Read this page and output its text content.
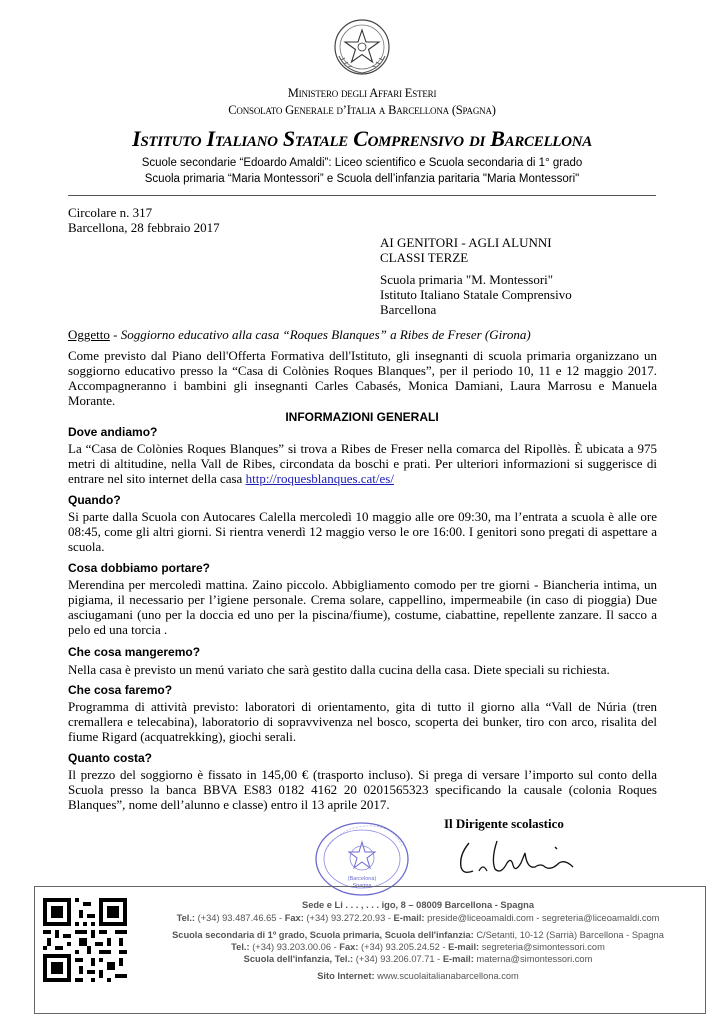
Ministero degli Affari Esteri
Consolato Generale d’Italia a Barcellona (Spagna)
Istituto Italiano Statale Comprensivo di Barcellona
Scuole secondarie “Edoardo Amaldi”: Liceo scientifico e Scuola secondaria di 1° grado
Scuola primaria “Maria Montessori” e Scuola dell’infanzia paritaria "Maria Montessori"
Circolare n. 317
Barcellona, 28 febbraio 2017
AI GENITORI - AGLI ALUNNI
CLASSI TERZE
Scuola primaria "M. Montessori"
Istituto Italiano Statale Comprensivo
Barcellona
Oggetto - Soggiorno educativo alla casa “Roques Blanques” a Ribes de Freser (Girona)
Come previsto dal Piano dell'Offerta Formativa dell'Istituto, gli insegnanti di scuola primaria organizzano un soggiorno educativo presso la “Casa di Colònies Roques Blanques”, per il periodo 10, 11 e 12 maggio 2017. Accompagneranno i bambini gli insegnanti Carles Cabasés, Monica Damiani, Laura Marrosu e Manuela Morante.
INFORMAZIONI GENERALI
Dove andiamo?
La “Casa de Colònies Roques Blanques” si trova a Ribes de Freser nella comarca del Ripollès. È ubicata a 975 metri di altitudine, nella Vall de Ribes, circondata da boschi e prati. Per ulteriori informazioni si suggerisce di entrare nel sito internet della casa http://roquesblanques.cat/es/
Quando?
Si parte dalla Scuola con Autocares Calella mercoledì 10 maggio alle ore 09:30, ma l’entrata a scuola è alle ore 08:45, come gli altri giorni. Si rientra venerdì 12 maggio verso le ore 16:00. I genitori sono pregati di aspettare a scuola.
Cosa dobbiamo portare?
Merendina per mercoledì mattina. Zaino piccolo. Abbigliamento comodo per tre giorni - Biancheria intima, un pigiama, il necessario per l’igiene personale. Crema solare, cappellino, impermeabile (in caso di pioggia) Due asciugamani (uno per la doccia ed uno per la piscina/fiume), costume, ciabattine, repellente zanzare. Il sacco a pelo ed una torcia .
Che cosa mangeremo?
Nella casa è previsto un menú variato che sarà gestito dalla cucina della casa. Diete speciali su richiesta.
Che cosa faremo?
Programma di attività previsto: laboratori di orientamento, gita di tutto il giorno alla “Vall de Núria (tren cremallera e telecabina), laboratorio di sopravvivenza nel bosco, scoperta dei bunker, tiro con arco, risalita del fiume Rigard (acquatrekking), giochi serali.
Quanto costa?
Il prezzo del soggiorno è fissato in 145,00 € (trasporto incluso). Si prega di versare l’importo sul conto della Scuola presso la banca BBVA ES83 0182 4162 20 0201565323 specificando la causale (colonia Roques Blanques”, nome dell’alunno e classe) entro il 13 aprile 2017.
Il Dirigente scolastico
(Barcelona)
Spagna
Sede e Li . . . , . . . igo, 8 – 08009 Barcellona - Spagna
Tel.: (+34) 93.487.46.65 - Fax: (+34) 93.272.20.93 - E-mail: preside@liceoamaldi.com - segreteria@liceoamaldi.com
Scuola secondaria di 1º grado, Scuola primaria, Scuola dell'infanzia: C/Setanti, 10-12 (Sarrià) Barcellona - Spagna
Tel.: (+34) 93.203.00.06 - Fax: (+34) 93.205.24.52 - E-mail: segreteria@simontessori.com
Scuola dell'infanzia, Tel.: (+34) 93.206.07.71 - E-mail: materna@simontessori.com
Sito Internet: www.scuolaitalianabarcellona.com
